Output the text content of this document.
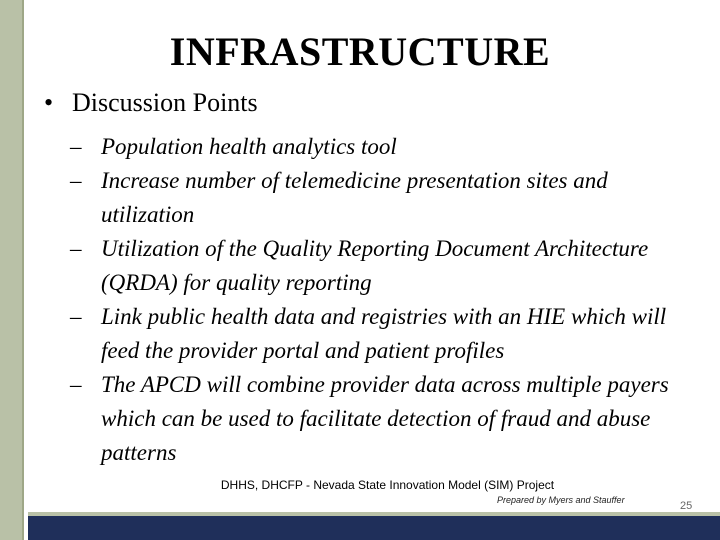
INFRASTRUCTURE
• Discussion Points
– Population health analytics tool
– Increase number of telemedicine presentation sites and utilization
– Utilization of the Quality Reporting Document Architecture (QRDA) for quality reporting
– Link public health data and registries with an HIE which will feed the provider portal and patient profiles
– The APCD will combine provider data across multiple payers which can be used to facilitate detection of fraud and abuse patterns
DHHS, DHCFP - Nevada State Innovation Model (SIM) Project
Prepared by Myers and Stauffer	25
